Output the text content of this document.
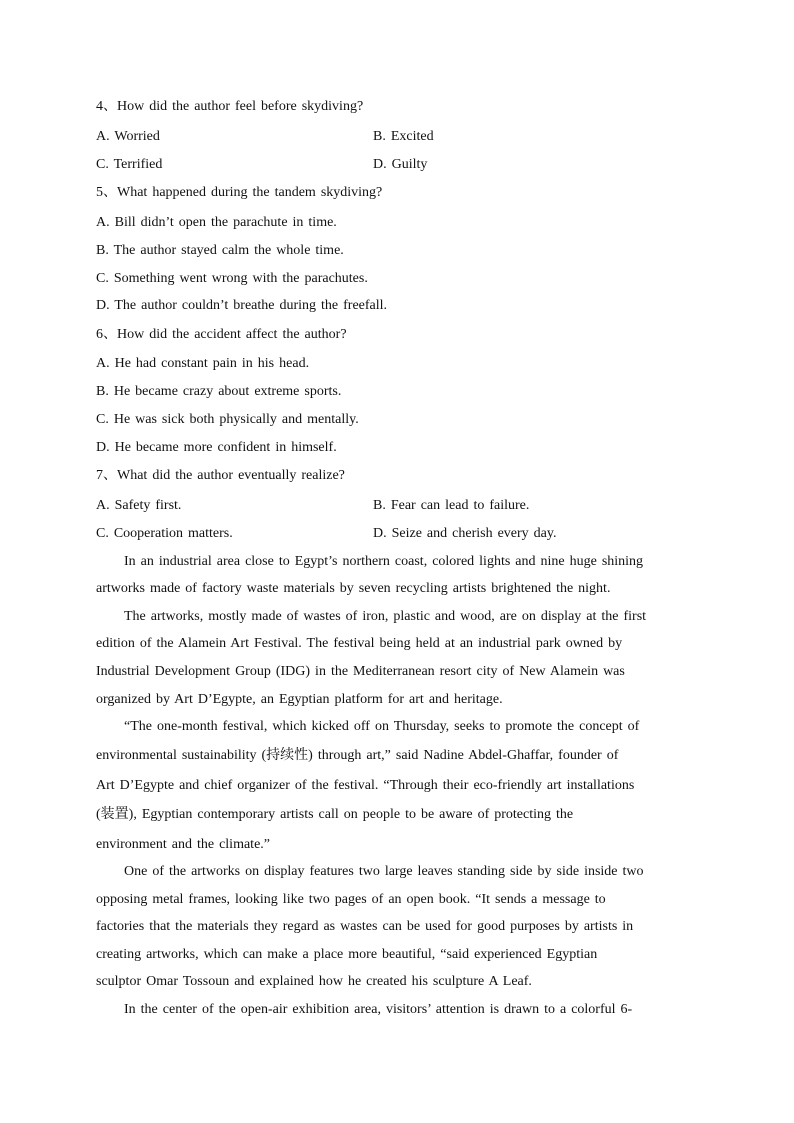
4、How did the author feel before skydiving?
A. Worried	B. Excited
C. Terrified	D. Guilty
5、What happened during the tandem skydiving?
A. Bill didn’t open the parachute in time.
B. The author stayed calm the whole time.
C. Something went wrong with the parachutes.
D. The author couldn’t breathe during the freefall.
6、How did the accident affect the author?
A. He had constant pain in his head.
B. He became crazy about extreme sports.
C. He was sick both physically and mentally.
D. He became more confident in himself.
7、What did the author eventually realize?
A. Safety first.	B. Fear can lead to failure.
C. Cooperation matters.	D. Seize and cherish every day.
In an industrial area close to Egypt’s northern coast, colored lights and nine huge shining
artworks made of factory waste materials by seven recycling artists brightened the night.
The artworks, mostly made of wastes of iron, plastic and wood, are on display at the first
edition of the Alamein Art Festival. The festival being held at an industrial park owned by
Industrial Development Group (IDG) in the Mediterranean resort city of New Alamein was
organized by Art D’Egypte, an Egyptian platform for art and heritage.
“The one-month festival, which kicked off on Thursday, seeks to promote the concept of
environmental sustainability (持续性) through art,” said Nadine Abdel-Ghaffar, founder of
Art D’Egypte and chief organizer of the festival. “Through their eco-friendly art installations
(装置), Egyptian contemporary artists call on people to be aware of protecting the
environment and the climate.”
One of the artworks on display features two large leaves standing side by side inside two
opposing metal frames, looking like two pages of an open book. “It sends a message to
factories that the materials they regard as wastes can be used for good purposes by artists in
creating artworks, which can make a place more beautiful, “said experienced Egyptian
sculptor Omar Tossoun and explained how he created his sculpture A Leaf.
In the center of the open-air exhibition area, visitors’ attention is drawn to a colorful 6-
